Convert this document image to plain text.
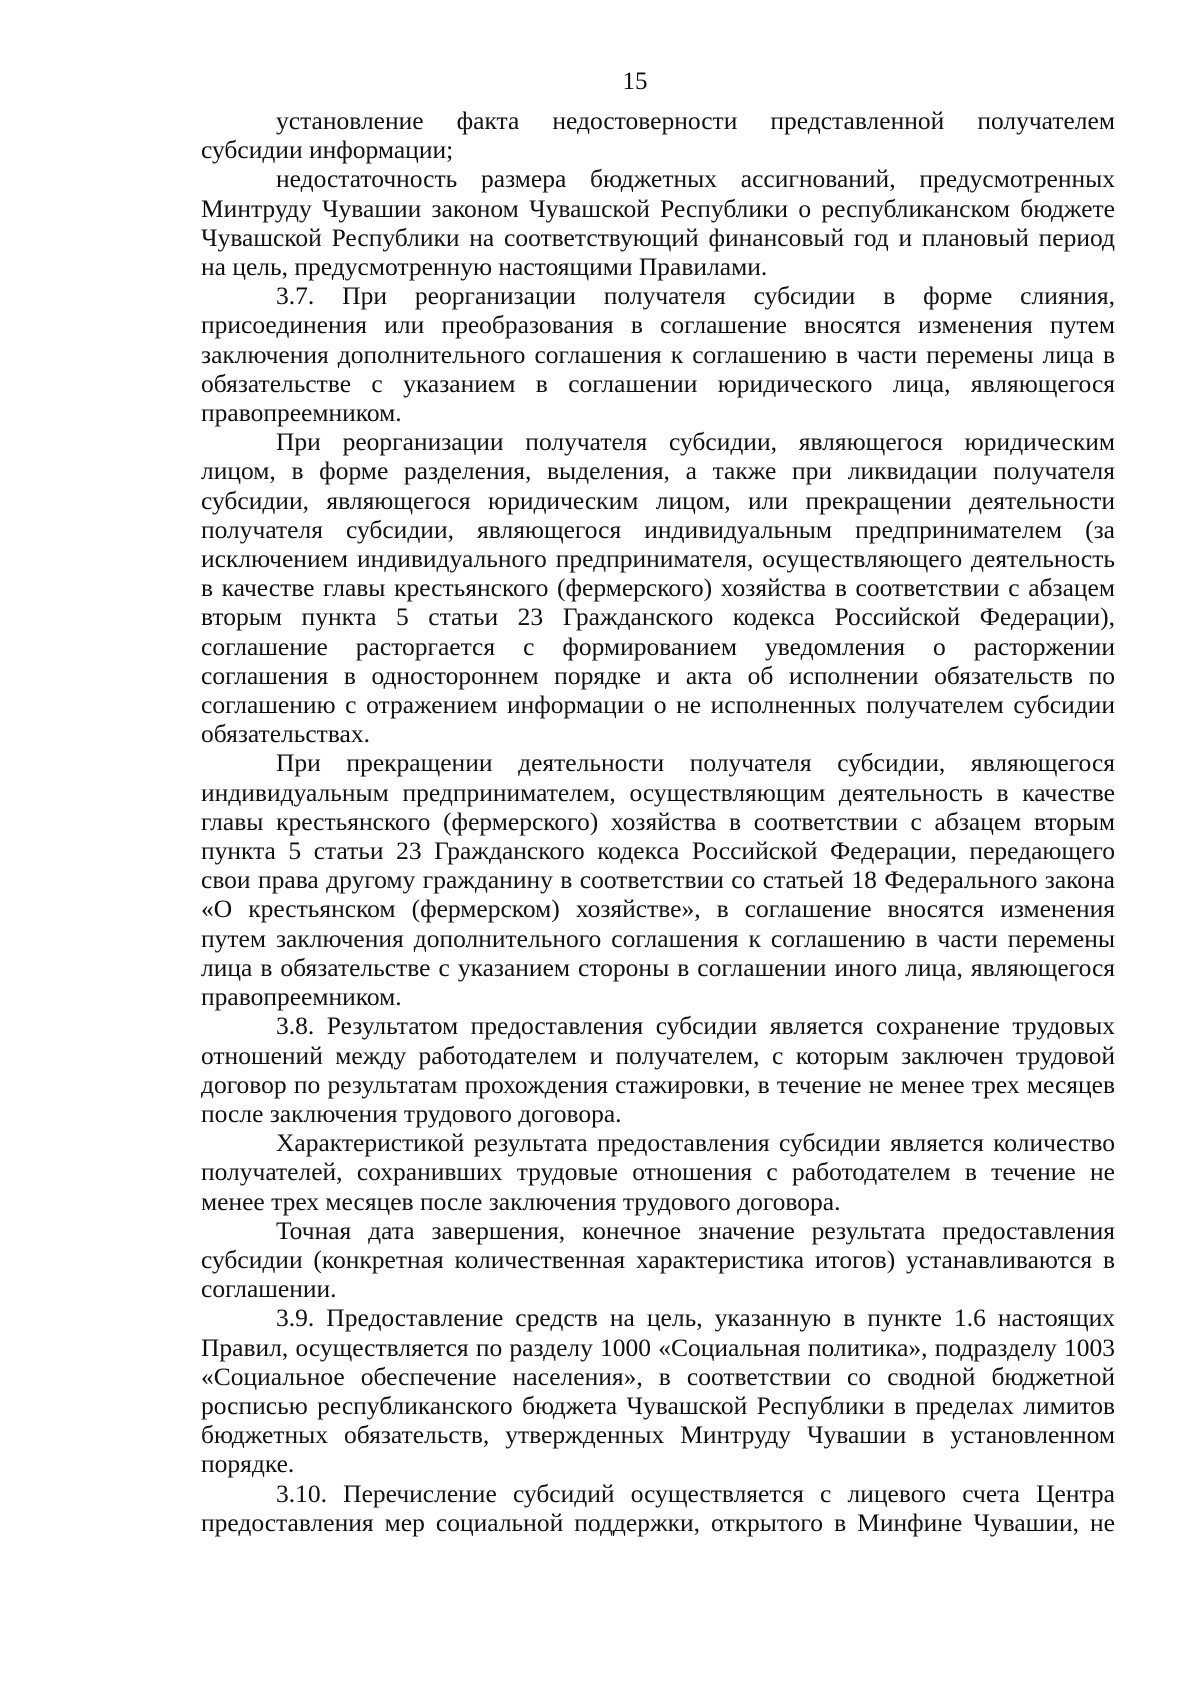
15

установление факта недостоверности представленной получателем субсидии информации;

недостаточность размера бюджетных ассигнований, предусмотренных Минтруду Чувашии законом Чувашской Республики о республиканском бюджете Чувашской Республики на соответствующий финансовый год и плановый период на цель, предусмотренную настоящими Правилами.

3.7. При реорганизации получателя субсидии в форме слияния, присоединения или преобразования в соглашение вносятся изменения путем заключения дополнительного соглашения к соглашению в части перемены лица в обязательстве с указанием в соглашении юридического лица, являющегося правопреемником.

При реорганизации получателя субсидии, являющегося юридическим лицом, в форме разделения, выделения, а также при ликвидации получателя субсидии, являющегося юридическим лицом, или прекращении деятельности получателя субсидии, являющегося индивидуальным предпринимателем (за исключением индивидуального предпринимателя, осуществляющего деятельность в качестве главы крестьянского (фермерского) хозяйства в соответствии с абзацем вторым пункта 5 статьи 23 Гражданского кодекса Российской Федерации), соглашение расторгается с формированием уведомления о расторжении соглашения в одностороннем порядке и акта об исполнении обязательств по соглашению с отражением информации о не исполненных получателем субсидии обязательствах.

При прекращении деятельности получателя субсидии, являющегося индивидуальным предпринимателем, осуществляющим деятельность в качестве главы крестьянского (фермерского) хозяйства в соответствии с абзацем вторым пункта 5 статьи 23 Гражданского кодекса Российской Федерации, передающего свои права другому гражданину в соответствии со статьей 18 Федерального закона «О крестьянском (фермерском) хозяйстве», в соглашение вносятся изменения путем заключения дополнительного соглашения к соглашению в части перемены лица в обязательстве с указанием стороны в соглашении иного лица, являющегося правопреемником.

3.8. Результатом предоставления субсидии является сохранение трудовых отношений между работодателем и получателем, с которым заключен трудовой договор по результатам прохождения стажировки, в течение не менее трех месяцев после заключения трудового договора.

Характеристикой результата предоставления субсидии является количество получателей, сохранивших трудовые отношения с работодателем в течение не менее трех месяцев после заключения трудового договора.

Точная дата завершения, конечное значение результата предоставления субсидии (конкретная количественная характеристика итогов) устанавливаются в соглашении.

3.9. Предоставление средств на цель, указанную в пункте 1.6 настоящих Правил, осуществляется по разделу 1000 «Социальная политика», подразделу 1003 «Социальное обеспечение населения», в соответствии со сводной бюджетной росписью республиканского бюджета Чувашской Республики в пределах лимитов бюджетных обязательств, утвержденных Минтруду Чувашии в установленном порядке.

3.10. Перечисление субсидий осуществляется с лицевого счета Центра предоставления мер социальной поддержки, открытого в Минфине Чувашии, не
